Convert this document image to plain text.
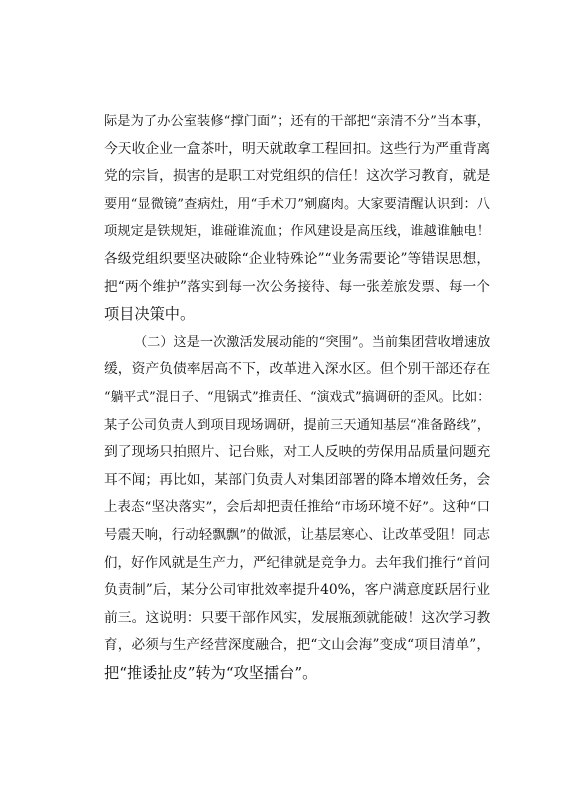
际是为了办公室装修“撑门面”；还有的干部把“亲清不分”当本事，
今天收企业一盒茶叶，明天就敢拿工程回扣。这些行为严重背离
党的宗旨，损害的是职工对党组织的信任！这次学习教育，就是
要用“显微镜”查病灶，用“手术刀”剜腐肉。大家要清醒认识到：八
项规定是铁规矩，谁碰谁流血；作风建设是高压线，谁越谁触电！
各级党组织要坚决破除“企业特殊论”“业务需要论”等错误思想，
把“两个维护”落实到每一次公务接待、每一张差旅发票、每一个
项目决策中。
（二）这是一次激活发展动能的“突围”。当前集团营收增速放
缓，资产负债率居高不下，改革进入深水区。但个别干部还存在
“躺平式”混日子、“甩锅式”推责任、“演戏式”搞调研的歪风。比如：
某子公司负责人到项目现场调研，提前三天通知基层“准备路线”，
到了现场只拍照片、记台账，对工人反映的劳保用品质量问题充
耳不闻；再比如，某部门负责人对集团部署的降本增效任务，会
上表态“坚决落实”，会后却把责任推给“市场环境不好”。这种“口
号震天响，行动轻飘飘”的做派，让基层寒心、让改革受阻！同志
们，好作风就是生产力，严纪律就是竞争力。去年我们推行“首问
负责制”后，某分公司审批效率提升40%，客户满意度跃居行业
前三。这说明：只要干部作风实，发展瓶颈就能破！这次学习教
育，必须与生产经营深度融合，把“文山会海”变成“项目清单”，
把“推诿扯皮”转为“攻坚擂台”。
